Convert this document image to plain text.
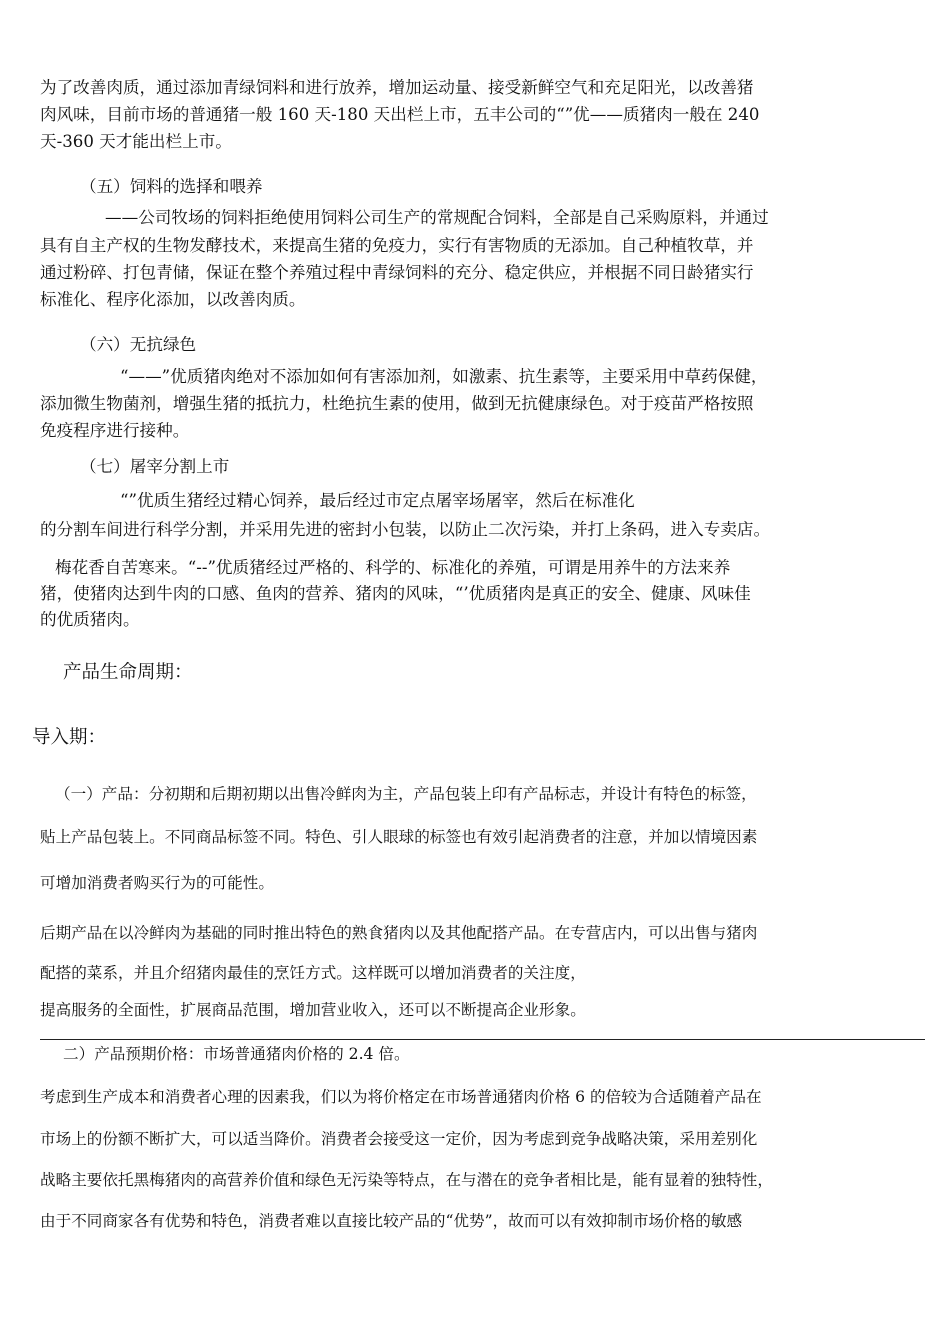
为了改善肉质，通过添加青绿饲料和进行放养，增加运动量、接受新鲜空气和充足阳光，以改善猪

肉风味，目前市场的普通猪一般 160 天-180 天出栏上市，五丰公司的“”优——质猪肉一般在 240

天-360 天才能出栏上市。

（五）饲料的选择和喂养

——公司牧场的饲料拒绝使用饲料公司生产的常规配合饲料，全部是自己采购原料，并通过

具有自主产权的生物发酵技术，来提高生猪的免疫力，实行有害物质的无添加。自己种植牧草，并

通过粉碎、打包青储，保证在整个养殖过程中青绿饲料的充分、稳定供应，并根据不同日龄猪实行

标准化、程序化添加，以改善肉质。

（六）无抗绿色

“——”优质猪肉绝对不添加如何有害添加剂，如激素、抗生素等，主要采用中草药保健，

添加微生物菌剂，增强生猪的抵抗力，杜绝抗生素的使用，做到无抗健康绿色。对于疫苗严格按照

免疫程序进行接种。

（七）屠宰分割上市

“”优质生猪经过精心饲养，最后经过市定点屠宰场屠宰，然后在标准化

的分割车间进行科学分割，并采用先进的密封小包装，以防止二次污染，并打上条码，进入专卖店。

梅花香自苦寒来。“--”优质猪经过严格的、科学的、标准化的养殖，可谓是用养牛的方法来养

猪，使猪肉达到牛肉的口感、鱼肉的营养、猪肉的风味，“’优质猪肉是真正的安全、健康、风味佳

的优质猪肉。

产品生命周期：

导入期：

（一）产品：分初期和后期初期以出售冷鲜肉为主，产品包装上印有产品标志，并设计有特色的标签，

贴上产品包装上。不同商品标签不同。特色、引人眼球的标签也有效引起消费者的注意，并加以情境因素

可增加消费者购买行为的可能性。

后期产品在以冷鲜肉为基础的同时推出特色的熟食猪肉以及其他配搭产品。在专营店内，可以出售与猪肉

配搭的菜系，并且介绍猪肉最佳的烹饪方式。这样既可以增加消费者的关注度，

提高服务的全面性，扩展商品范围，增加营业收入，还可以不断提高企业形象。

二）产品预期价格：市场普通猪肉价格的 2.4 倍。

考虑到生产成本和消费者心理的因素我，们以为将价格定在市场普通猪肉价格 6 的倍较为合适随着产品在

市场上的份额不断扩大，可以适当降价。消费者会接受这一定价，因为考虑到竞争战略决策，采用差别化

战略主要依托黑梅猪肉的高营养价值和绿色无污染等特点，在与潜在的竞争者相比是，能有显着的独特性，

由于不同商家各有优势和特色，消费者难以直接比较产品的“优势”，故而可以有效抑制市场价格的敏感
